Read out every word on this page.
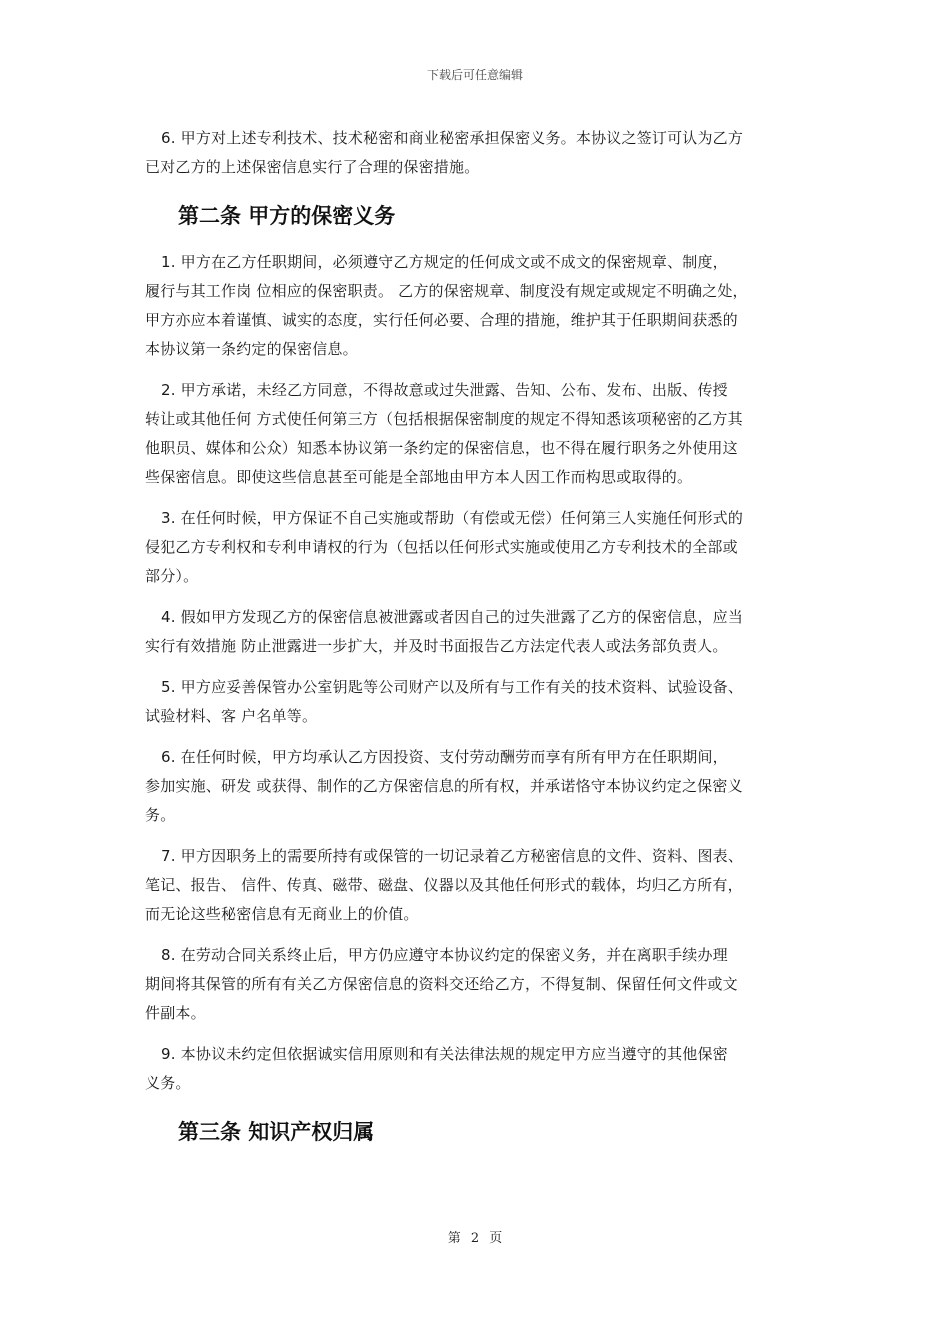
下载后可任意编辑
6. 甲方对上述专利技术、技术秘密和商业秘密承担保密义务。本协议之签订可认为乙方
已对乙方的上述保密信息实行了合理的保密措施。
第二条 甲方的保密义务
1. 甲方在乙方任职期间，必须遵守乙方规定的任何成文或不成文的保密规章、制度，
履行与其工作岗 位相应的保密职责。 乙方的保密规章、制度没有规定或规定不明确之处，
甲方亦应本着谨慎、诚实的态度，实行任何必要、合理的措施，维护其于任职期间获悉的
本协议第一条约定的保密信息。
2. 甲方承诺，未经乙方同意，不得故意或过失泄露、告知、公布、发布、出版、传授
转让或其他任何 方式使任何第三方（包括根据保密制度的规定不得知悉该项秘密的乙方其
他职员、媒体和公众）知悉本协议第一条约定的保密信息，也不得在履行职务之外使用这
些保密信息。即使这些信息甚至可能是全部地由甲方本人因工作而构思或取得的。
3. 在任何时候，甲方保证不自己实施或帮助（有偿或无偿）任何第三人实施任何形式的
侵犯乙方专利权和专利申请权的行为（包括以任何形式实施或使用乙方专利技术的全部或
部分）。
4. 假如甲方发现乙方的保密信息被泄露或者因自己的过失泄露了乙方的保密信息，应当
实行有效措施 防止泄露进一步扩大，并及时书面报告乙方法定代表人或法务部负责人。
5. 甲方应妥善保管办公室钥匙等公司财产以及所有与工作有关的技术资料、试验设备、
试验材料、客 户名单等。
6. 在任何时候，甲方均承认乙方因投资、支付劳动酬劳而享有所有甲方在任职期间，
参加实施、研发 或获得、制作的乙方保密信息的所有权，并承诺恪守本协议约定之保密义
务。
7. 甲方因职务上的需要所持有或保管的一切记录着乙方秘密信息的文件、资料、图表、
笔记、报告、 信件、传真、磁带、磁盘、仪器以及其他任何形式的载体，均归乙方所有，
而无论这些秘密信息有无商业上的价值。
8. 在劳动合同关系终止后，甲方仍应遵守本协议约定的保密义务，并在离职手续办理
期间将其保管的所有有关乙方保密信息的资料交还给乙方，不得复制、保留任何文件或文
件副本。
9. 本协议未约定但依据诚实信用原则和有关法律法规的规定甲方应当遵守的其他保密
义务。
第三条 知识产权归属
第 2 页
